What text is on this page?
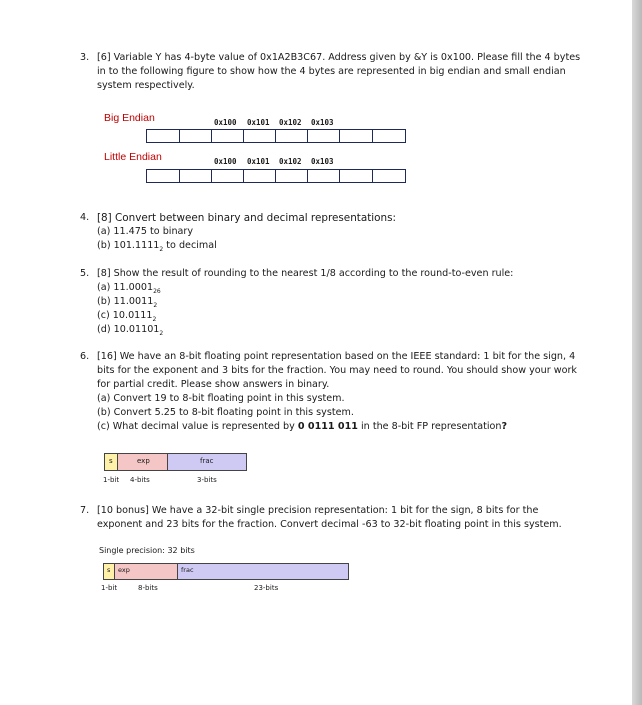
3. [6] Variable Y has 4-byte value of 0x1A2B3C67. Address given by &Y is 0x100. Please fill the 4 bytes
in to the following figure to show how the 4 bytes are represented in big endian and small endian
system respectively.
Big Endian	0x100 0x101 0x102 0x103
Little Endian	0x100 0x101 0x102 0x103
4. [8] Convert between binary and decimal representations:
(a) 11.475 to binary
(b) $101.1111_2$ to decimal
5. [8] Show the result of rounding to the nearest 1/8 according to the round-to-even rule:
(a) $11.0001_{26}$
(b) $11.0011_2$
(c) $10.0111_2$
(d) $10.01101_2$
6. [16] We have an 8-bit floating point representation based on the IEEE standard: 1 bit for the sign, 4
bits for the exponent and 3 bits for the fraction. You may need to round. You should show your work
for partial credit. Please show answers in binary.
(a) Convert 19 to 8-bit floating point in this system.
(b) Convert 5.25 to 8-bit floating point in this system.
(c) What decimal value is represented by 0 0111 011 in the 8-bit FP representation?
s	exp	frac
1-bit 4-bits	3-bits
7. [10 bonus] We have a 32-bit single precision representation: 1 bit for the sign, 8 bits for the
exponent and 23 bits for the fraction. Convert decimal -63 to 32-bit floating point in this system.
Single precision: 32 bits
s	exp	frac
1-bit	8-bits	23-bits
